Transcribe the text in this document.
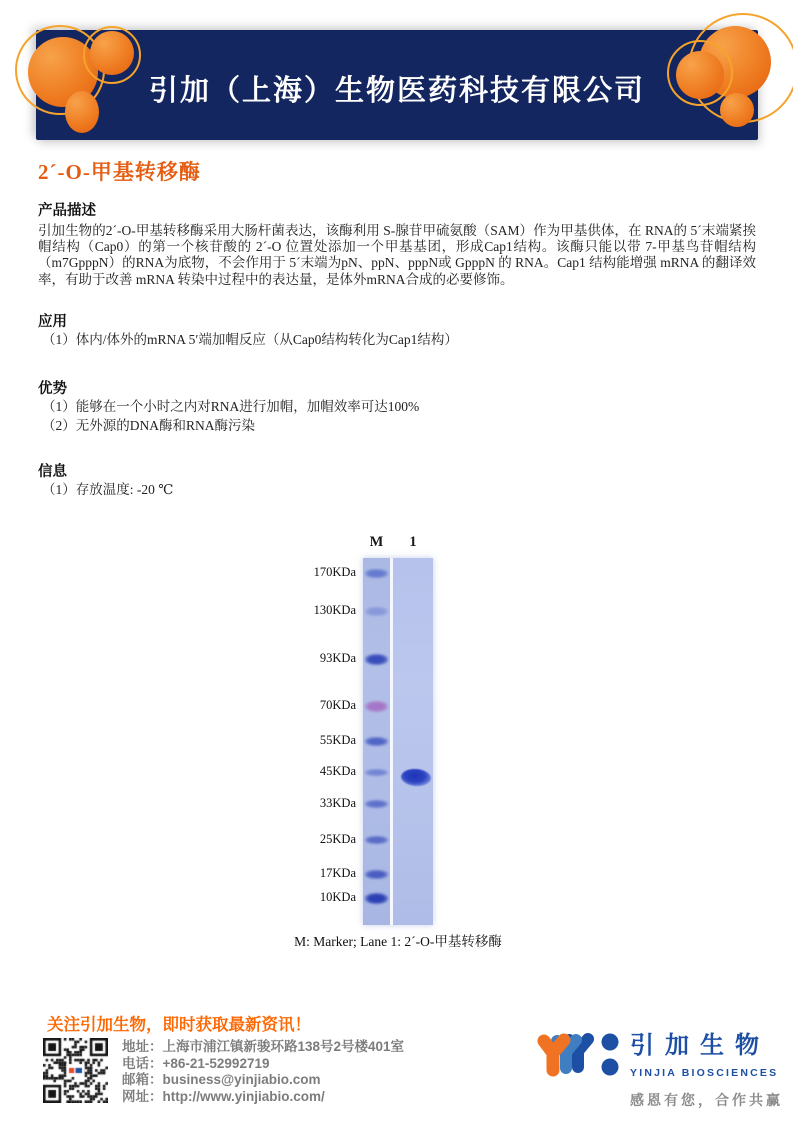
引加（上海）生物医药科技有限公司
2´-O-甲基转移酶
产品描述

引加生物的2´-O-甲基转移酶采用大肠杆菌表达，该酶利用 S-腺苷甲硫氨酸（SAM）作为甲基供体，在 RNA的 5´末端紧挨帽结构（Cap0）的第一个核苷酸的 2´-O 位置处添加一个甲基基团，形成Cap1结构。该酶只能以带 7-甲基鸟苷帽结构（m7GpppN）的RNA为底物，不会作用于 5´末端为pN、ppN、pppN或 GpppN 的 RNA。Cap1 结构能增强 mRNA 的翻译效率，有助于改善 mRNA 转染中过程中的表达量，是体外mRNA合成的必要修饰。

应用

（1）体内/体外的mRNA 5′端加帽反应（从Cap0结构转化为Cap1结构）

优势

（1）能够在一个小时之内对RNA进行加帽，加帽效率可达100%

（2）无外源的DNA酶和RNA酶污染

信息

（1）存放温度: -20 ℃

M	1
170KDa
130KDa
93KDa
70KDa
55KDa
45KDa
33KDa
25KDa
17KDa
10KDa
M: Marker; Lane 1: 2´-O-甲基转移酶
关注引加生物，即时获取最新资讯！
地址：上海市浦江镇新骏环路138号2号楼401室
电话：+86-21-52992719
邮箱：business@yinjiabio.com
网址：http://www.yinjiabio.com/
引加生物
YINJIA BIOSCIENCES
感恩有您，合作共赢
